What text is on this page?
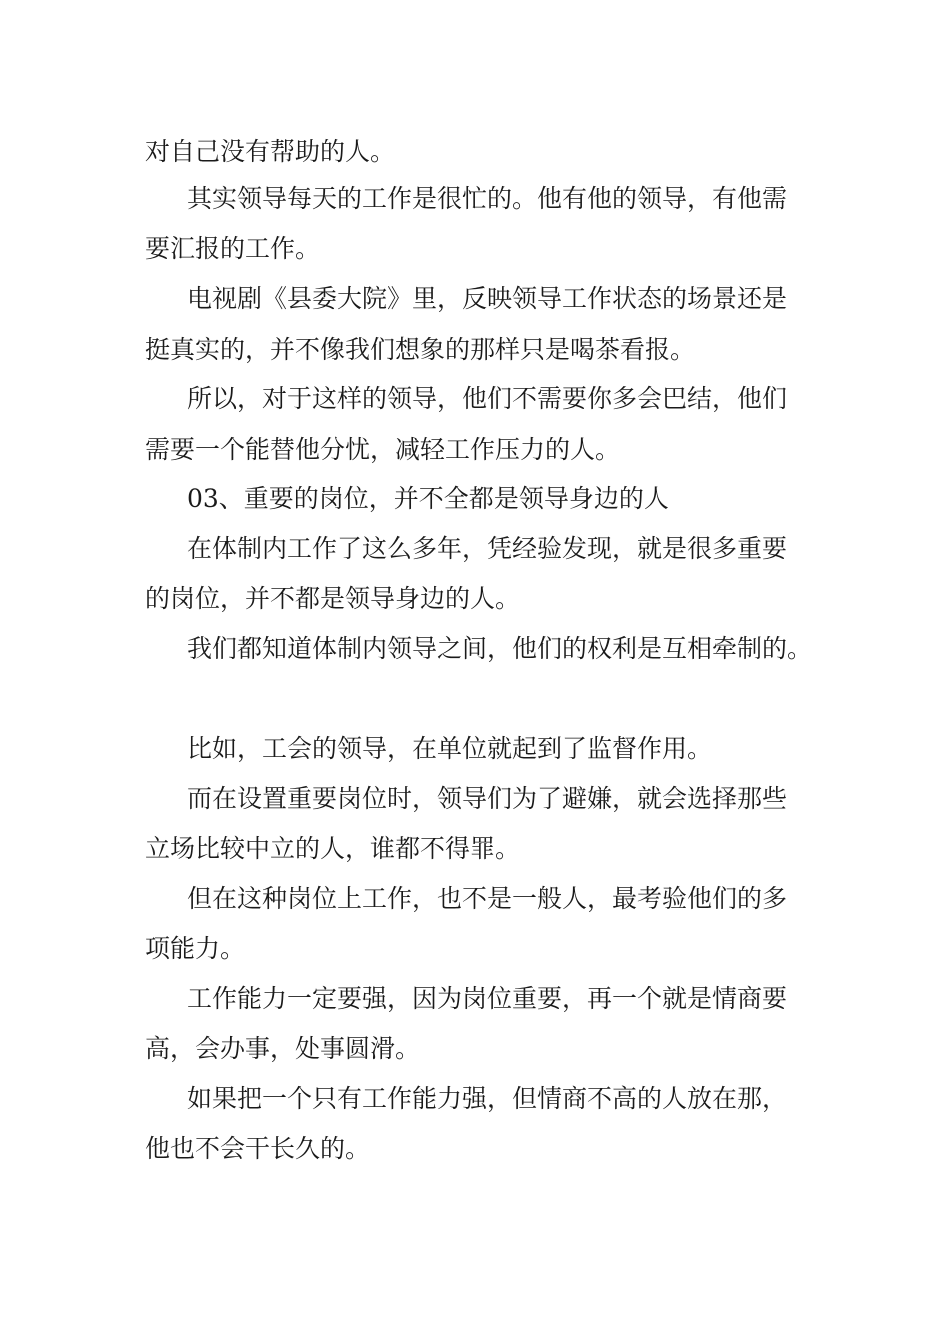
对自己没有帮助的人。

其实领导每天的工作是很忙的。他有他的领导，有他需

要汇报的工作。

电视剧《县委大院》里，反映领导工作状态的场景还是

挺真实的，并不像我们想象的那样只是喝茶看报。

所以，对于这样的领导，他们不需要你多会巴结，他们

需要一个能替他分忧，减轻工作压力的人。

03、重要的岗位，并不全都是领导身边的人

在体制内工作了这么多年，凭经验发现，就是很多重要

的岗位，并不都是领导身边的人。

我们都知道体制内领导之间，他们的权利是互相牵制的。

比如，工会的领导，在单位就起到了监督作用。

而在设置重要岗位时，领导们为了避嫌，就会选择那些

立场比较中立的人，谁都不得罪。

但在这种岗位上工作，也不是一般人，最考验他们的多

项能力。

工作能力一定要强，因为岗位重要，再一个就是情商要

高，会办事，处事圆滑。

如果把一个只有工作能力强，但情商不高的人放在那，

他也不会干长久的。
